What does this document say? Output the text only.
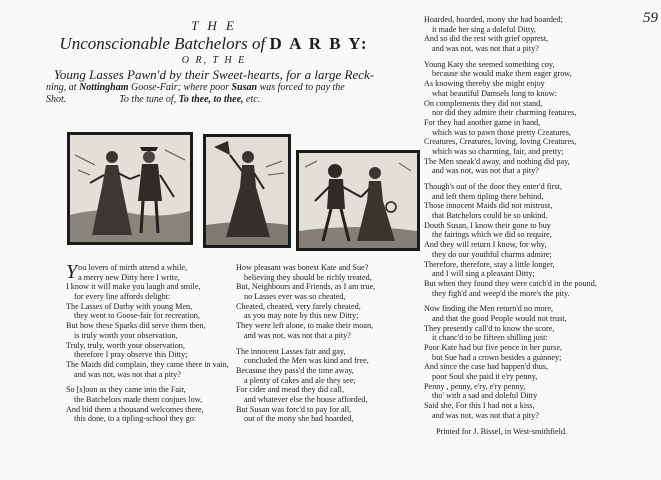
59
T H E
Unconscionable Batchelors of D A R B Y:
O R, T H E
Young Lasses Pawn'd by their Sweet-hearts, for a large Reck-
ning, at Nottingham Goose-Fair; where poor Susan was forced to pay the
Shot.	To the tune of, To thee, to thee, etc.
You lovers of mirth attend a while,
a merry new Ditty here I write,
I know it will make you laugh and smile,
for every line affords delight:
The Lasses of Darby with young Men,
they went to Goose-fair for recreation,
But how these Sparks did serve them then,
is truly worth your observation,
Truly, truly, worth your observation,
therefore I pray observe this Ditty;
The Maids did complain, they came there in vain,
and was not, was not that a pity?
So [s]oon as they came into the Fair,
the Batchelors made them conjues low,
And bid them a thousand welcomes there,
this done, to a tipling-school they go:
How pleasant was bonest Kate and Sue?
believing they should be richly treated,
But, Neighbours and Friends, as I am true,
no Lasses ever was so cheated,
Cheated, cheated, very farely cheated,
as you may note by this new Ditty;
They were left alone, to make their moan,
and was not, was not that a pity?
The innocent Lasses fair and gay,
concluded the Men was kind and free,
Becasuse they pass'd the time away,
a plenty of cakes and ale they see;
For cider and mead they did call,
and whatever else the house afforded,
But Susan was forc'd to pay for all,
out of the mony she had hoarded,
Hoarded, hoarded, mony she had hoarded;
it made her sing a doleful Ditty,
And so did the rest with grief opprest,
and was not, was not that a pity?
Young Katy she seemed something coy,
because she would make them eager grow,
As knowing thereby she might enjoy
what beautiful Damsels long to know:
On complements they did not stand,
nor did they admire their charming features,
For they had another game in hand,
which was to pawn those pretty Creatures,
Creatures, Creatures, loving, loving Creatures,
which was so charming, fair, and pretty;
The Men sneak'd away, and nothing did pay,
and was not, was not that a pity?
Though's out of the door they enter'd first,
and left them tipling there behind,
Those innocent Maids did not mistrust,
that Batchelors could be so unkind.
Douth Susan, I know their gone to buy
the fairings which we did so require,
And they will return I know, for why,
they do our youthful charms admire;
Therefore, therefore, stay a little longer,
and I will sing a pleasant Ditty;
But when they found they were catch'd in the pound,
they figh'd and weep'd the more's the pity.
Now finding the Men return'd no more,
and that the good People would not trust,
They presently call'd to know the score,
it chanc'd to be fifteen shilling just:
Poor Kate had but five pence in her purse,
but Sue had a crown besides a guinney;
And since the case had happen'd thus,
poor Soul she paid it e'ry penny,
Penny , penny, e'ry, e'ry penny,
tho' with a sad and doleful Ditty
Said she, For this I had not a kiss,
and was not, was not that a pity?
Printed for J. Bissel, in West-smithfield.
